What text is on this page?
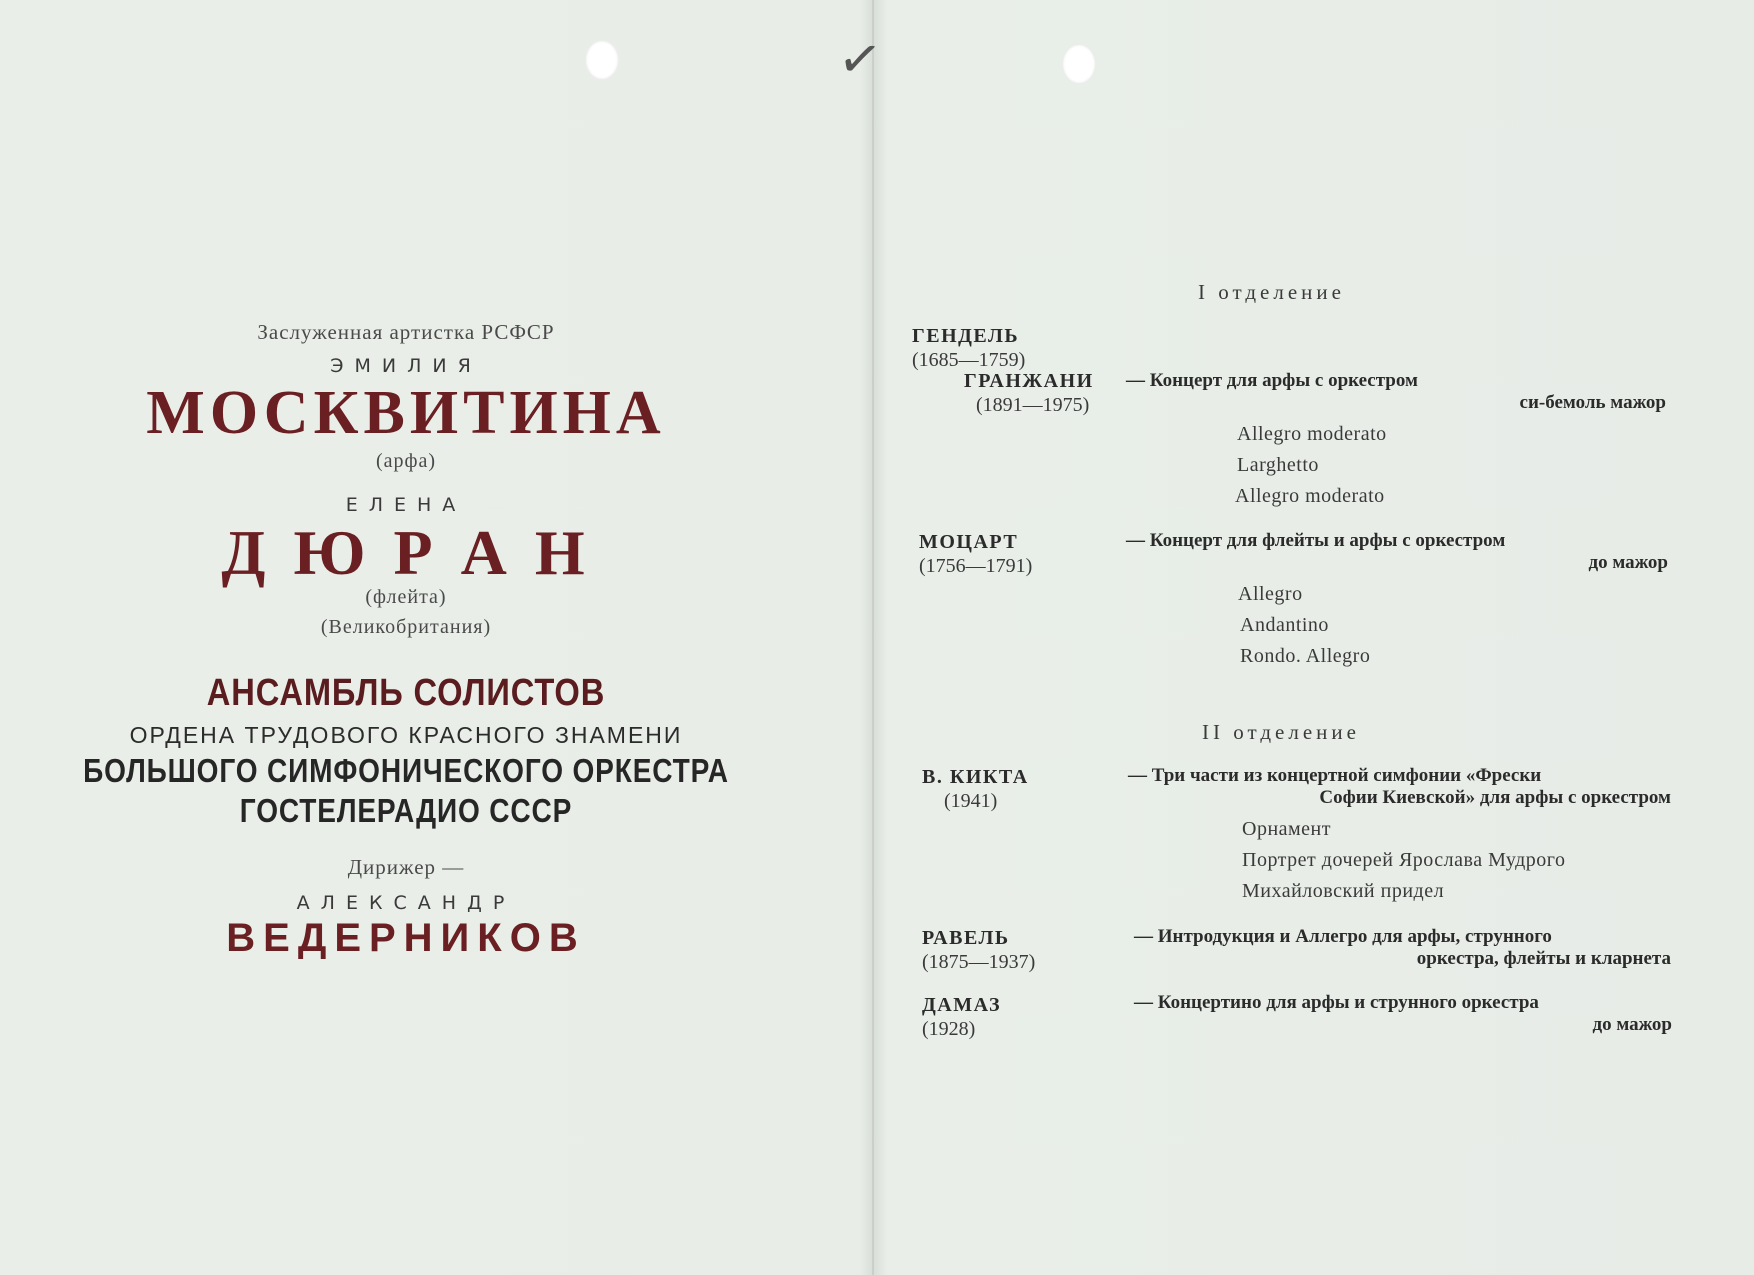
✓
Заслуженная артистка РСФСР
ЭМИЛИЯ
МОСКВИТИНА
(арфа)
ЕЛЕНА
Д Ю Р А Н
(флейта)
(Великобритания)
АНСАМБЛЬ СОЛИСТОВ
ОРДЕНА ТРУДОВОГО КРАСНОГО ЗНАМЕНИ
БОЛЬШОГО СИМФОНИЧЕСКОГО ОРКЕСТРА
ГОСТЕЛЕРАДИО СССР
Дирижер —
АЛЕКСАНДР
ВЕДЕРНИКОВ
I отделение
ГЕНДЕЛЬ
(1685—1759)
ГРАНЖАНИ
(1891—1975)
— Концерт для арфы с оркестром
си-бемоль мажор
Allegro moderato
Larghetto
Allegro moderato
МОЦАРТ
(1756—1791)
— Концерт для флейты и арфы с оркестром
до мажор
Allegro
Andantino
Rondo. Allegro
II отделение
В. КИКТА
(1941)
— Три части из концертной симфонии «Фрески
Софии Киевской» для арфы с оркестром
Орнамент
Портрет дочерей Ярослава Мудрого
Михайловский придел
РАВЕЛЬ
(1875—1937)
— Интродукция и Аллегро для арфы, струнного
оркестра, флейты и кларнета
ДАМАЗ
(1928)
— Концертино для арфы и струнного оркестра
до мажор
